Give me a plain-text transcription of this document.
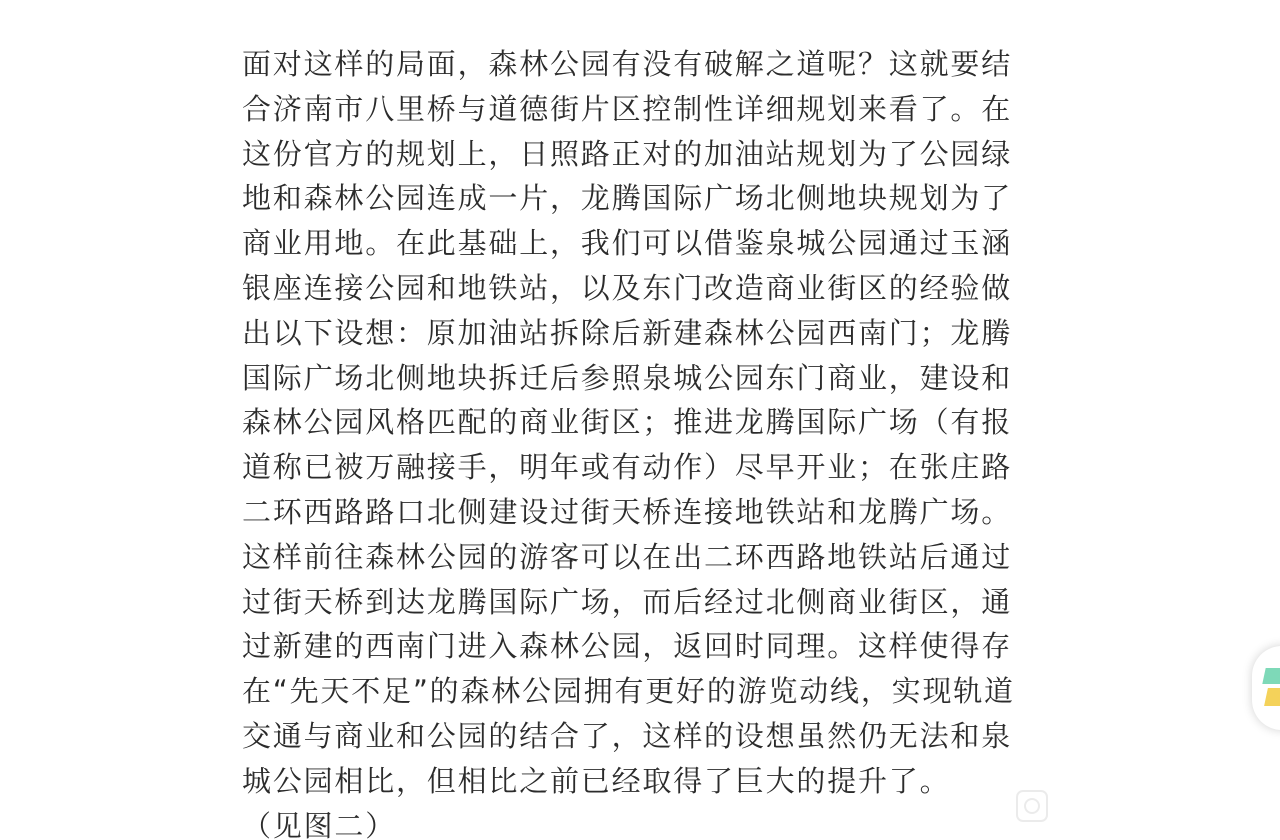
面对这样的局面，森林公园有没有破解之道呢？这就要结合济南市八里桥与道德街片区控制性详细规划来看了。在这份官方的规划上，日照路正对的加油站规划为了公园绿地和森林公园连成一片，龙腾国际广场北侧地块规划为了商业用地。在此基础上，我们可以借鉴泉城公园通过玉涵银座连接公园和地铁站，以及东门改造商业街区的经验做出以下设想：原加油站拆除后新建森林公园西南门；龙腾国际广场北侧地块拆迁后参照泉城公园东门商业，建设和森林公园风格匹配的商业街区；推进龙腾国际广场（有报道称已被万融接手，明年或有动作）尽早开业；在张庄路二环西路路口北侧建设过街天桥连接地铁站和龙腾广场。这样前往森林公园的游客可以在出二环西路地铁站后通过过街天桥到达龙腾国际广场，而后经过北侧商业街区，通过新建的西南门进入森林公园，返回时同理。这样使得存在“先天不足”的森林公园拥有更好的游览动线，实现轨道交通与商业和公园的结合了，这样的设想虽然仍无法和泉城公园相比，但相比之前已经取得了巨大的提升了。

（见图二）
